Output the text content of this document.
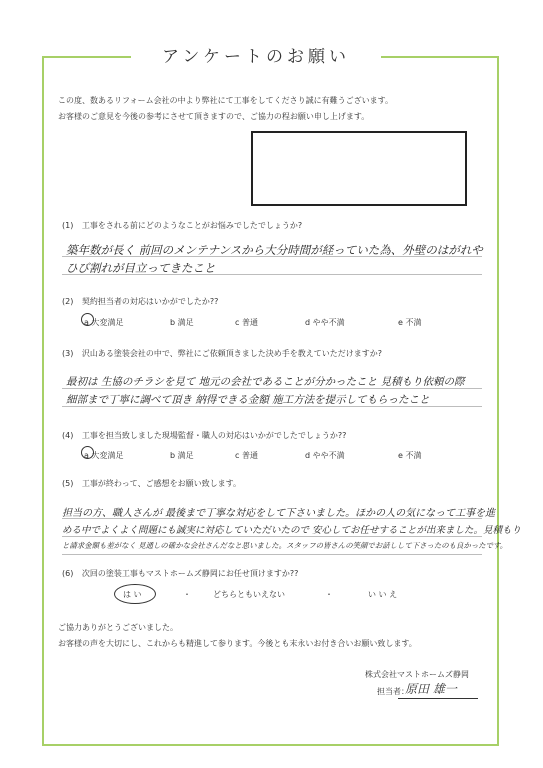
アンケートのお願い
この度、数あるリフォーム会社の中より弊社にて工事をしてくださり誠に有難うございます。
お客様のご意見を今後の参考にさせて頂きますので、ご協力の程お願い申し上げます。
(1) 工事をされる前にどのようなことがお悩みでしたでしょうか?
築年数が長く 前回のメンテナンスから大分時間が経っていた為、外壁のはがれや
ひび割れが目立ってきたこと
(2) 契約担当者の対応はいかがでしたか??
a 大変満足	b 満足	c 普通	d やや不満	e 不満
(3) 沢山ある塗装会社の中で、弊社にご依頼頂きました決め手を教えていただけますか?
最初は 生協のチラシを見て 地元の会社であることが分かったこと 見積もり依頼の際
細部まで丁寧に調べて頂き 納得できる金額 施工方法を提示してもらったこと
(4) 工事を担当致しました現場監督・職人の対応はいかがでしたでしょうか??
a 大変満足	b 満足	c 普通	d やや不満	e 不満
(5) 工事が終わって、ご感想をお願い致します。
担当の方、職人さんが 最後まで丁寧な対応をして下さいました。ほかの人の気になって工事を進
める中でよくよく問題にも誠実に対応していただいたので 安心してお任せすることが出来ました。見積もり
と請求金額も差がなく 見通しの確かな会社さんだなと思いました。スタッフの皆さんの笑顔でお話しして下さったのも良かったです。
(6) 次回の塗装工事もマストホームズ静岡にお任せ頂けますか??
は い	どちらともいえない	い い え
・	・
ご協力ありがとうございました。
お客様の声を大切にし、これからも精進して参ります。今後とも末永いお付き合いお願い致します。
株式会社マストホームズ静岡
担当者：
原田 雄一
